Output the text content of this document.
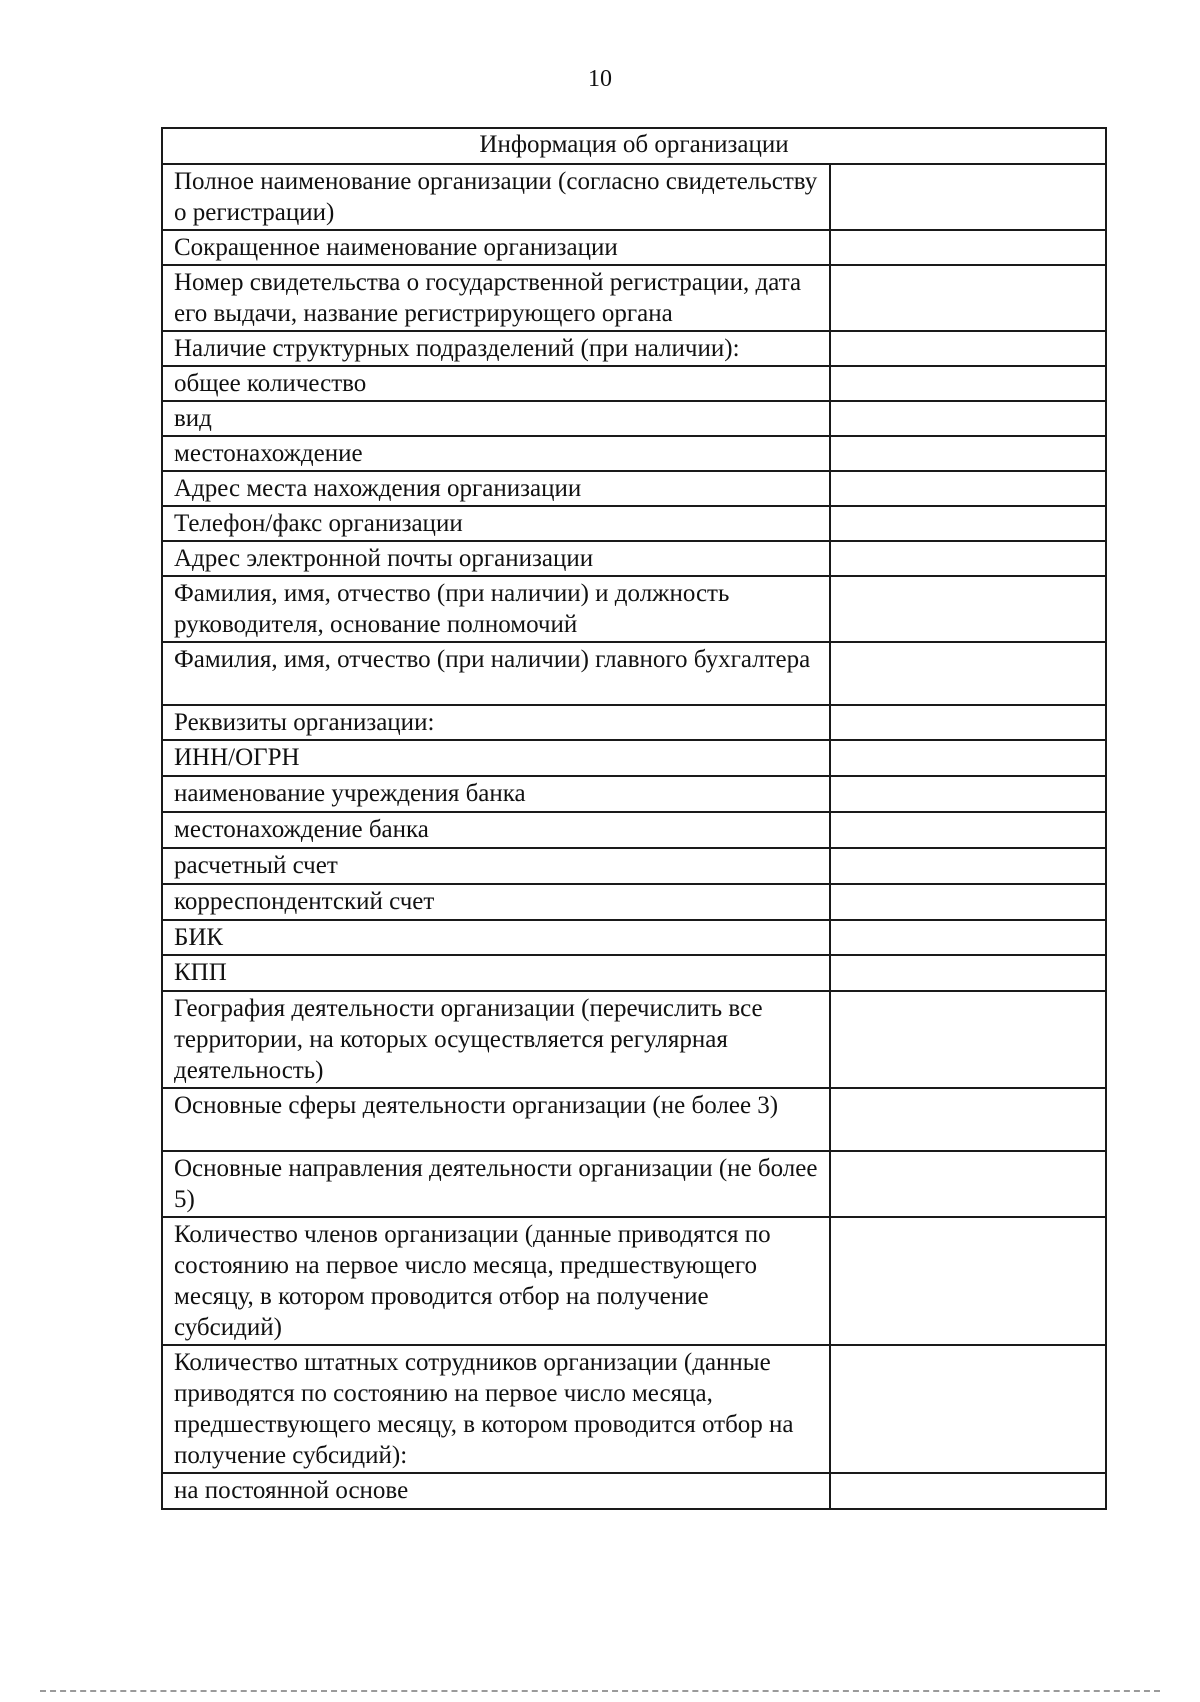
10
Информация об организации	
Полное наименование организации (согласно свидетельству о регистрации)	
Сокращенное наименование организации	
Номер свидетельства о государственной регистрации, дата его выдачи, название регистрирующего органа	
Наличие структурных подразделений (при наличии):	
общее количество	
вид	
местонахождение	
Адрес места нахождения организации	
Телефон/факс организации	
Адрес электронной почты организации	
Фамилия, имя, отчество (при наличии) и должность руководителя, основание полномочий	
Фамилия, имя, отчество (при наличии) главного бухгалтера	
Реквизиты организации:	
ИНН/ОГРН	
наименование учреждения банка	
местонахождение банка	
расчетный счет	
корреспондентский счет	
БИК	
КПП	
География деятельности организации (перечислить все территории, на которых осуществляется регулярная деятельность)	
Основные сферы деятельности организации (не более 3)	
Основные направления деятельности организации (не более 5)	
Количество членов организации (данные приводятся по состоянию на первое число месяца, предшествующего месяцу, в котором проводится отбор на получение субсидий)	
Количество штатных сотрудников организации (данные приводятся по состоянию на первое число месяца, предшествующего месяцу, в котором проводится отбор на получение субсидий):	
на постоянной основе	
